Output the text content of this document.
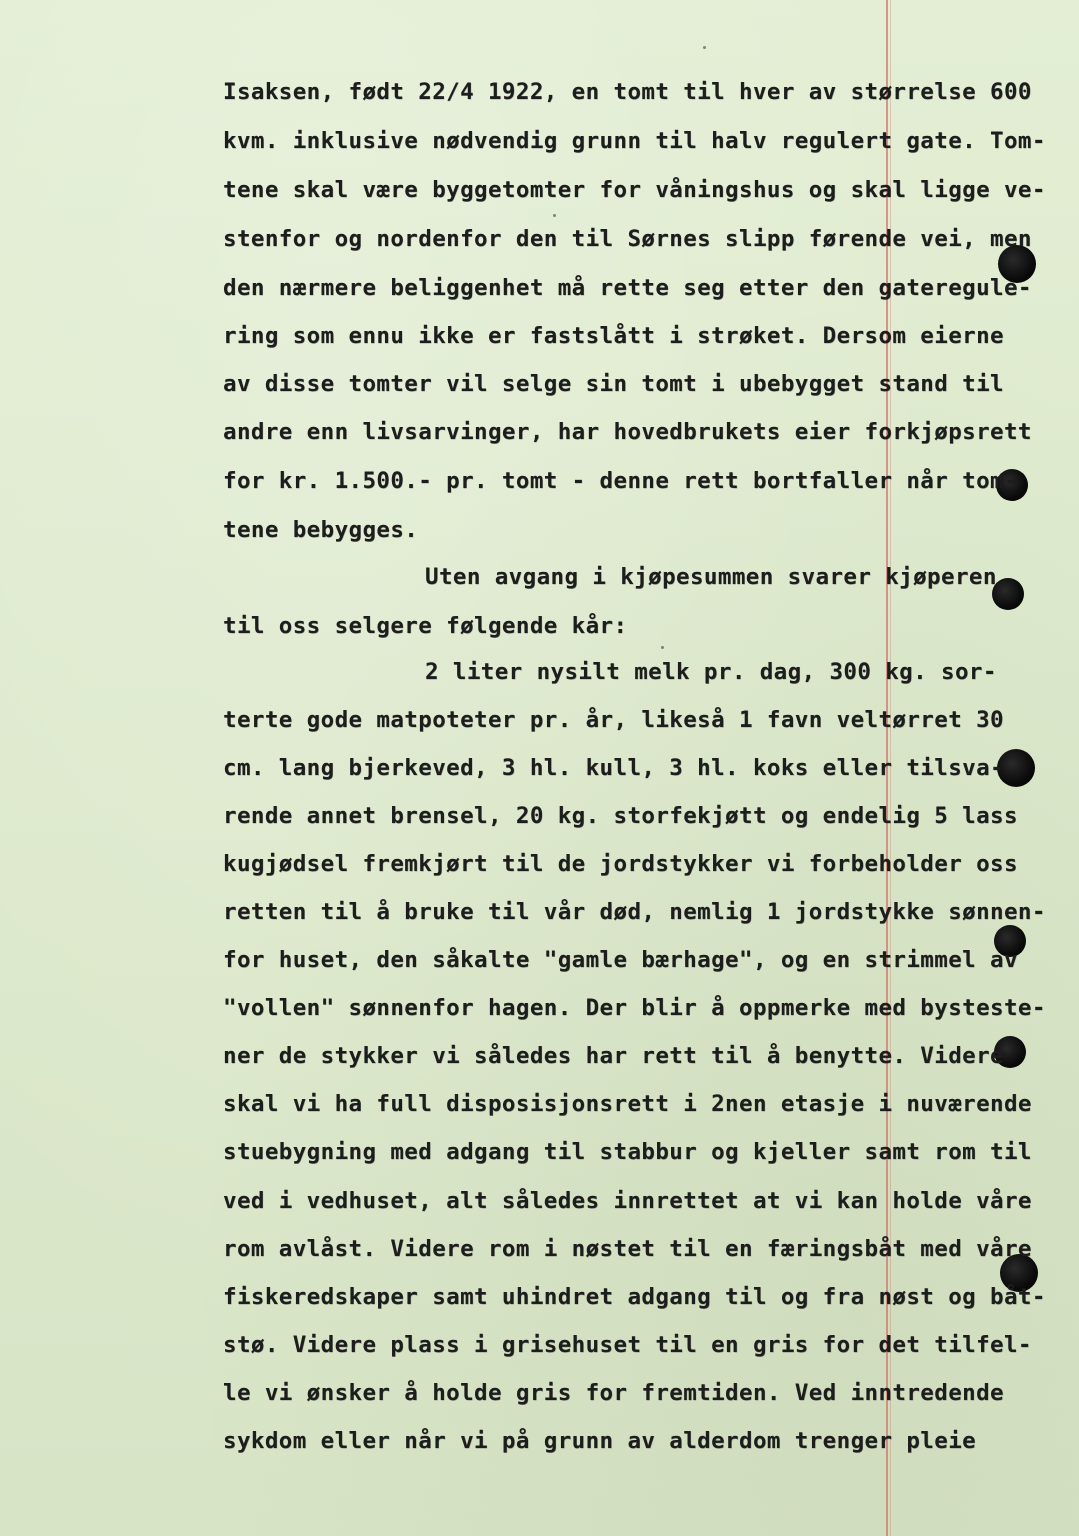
Isaksen, født 22/4 1922, en tomt til hver av størrelse 600
kvm. inklusive nødvendig grunn til halv regulert gate. Tom-
tene skal være byggetomter for våningshus og skal ligge ve-
stenfor og nordenfor den til Sørnes slipp førende vei, men
den nærmere beliggenhet må rette seg etter den gateregule-
ring som ennu ikke er fastslått i strøket. Dersom eierne
av disse tomter vil selge sin tomt i ubebygget stand til
andre enn livsarvinger, har hovedbrukets eier forkjøpsrett
for kr. 1.500.- pr. tomt - denne rett bortfaller når tom-
tene bebygges.
Uten avgang i kjøpesummen svarer kjøperen
til oss selgere følgende kår:
2 liter nysilt melk pr. dag, 300 kg. sor-
terte gode matpoteter pr. år, likeså 1 favn veltørret 30
cm. lang bjerkeved, 3 hl. kull, 3 hl. koks eller tilsva-
rende annet brensel, 20 kg. storfekjøtt og endelig 5 lass
kugjødsel fremkjørt til de jordstykker vi forbeholder oss
retten til å bruke til vår død, nemlig 1 jordstykke sønnen-
for huset, den såkalte "gamle bærhage", og en strimmel av
"vollen" sønnenfor hagen. Der blir å oppmerke med bysteste-
ner de stykker vi således har rett til å benytte. Videre
skal vi ha full disposisjonsrett i 2nen etasje i nuværende
stuebygning med adgang til stabbur og kjeller samt rom til
ved i vedhuset, alt således innrettet at vi kan holde våre
rom avlåst. Videre rom i nøstet til en færingsbåt med våre
fiskeredskaper samt uhindret adgang til og fra nøst og båt-
stø. Videre plass i grisehuset til en gris for det tilfel-
le vi ønsker å holde gris for fremtiden. Ved inntredende
sykdom eller når vi på grunn av alderdom trenger pleie
